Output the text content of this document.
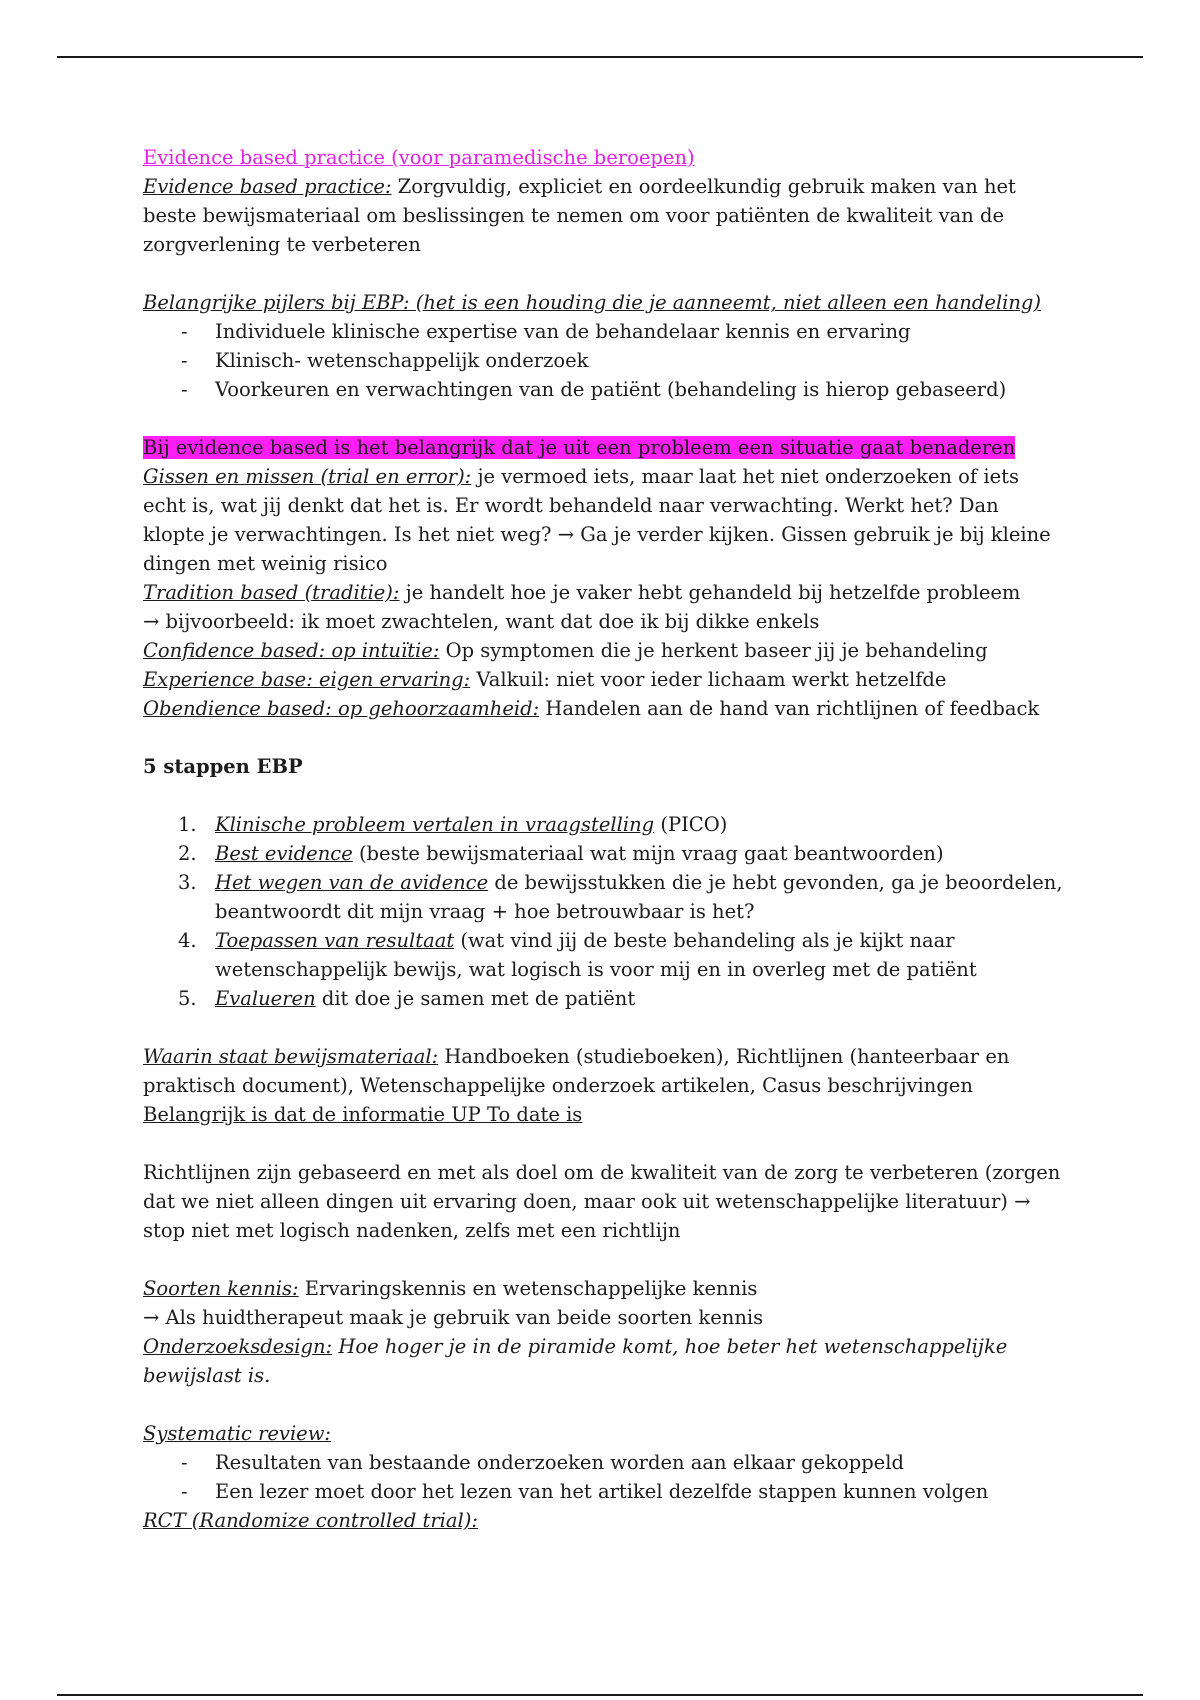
Evidence based practice (voor paramedische beroepen)
Evidence based practice: Zorgvuldig, expliciet en oordeelkundig gebruik maken van het beste bewijsmateriaal om beslissingen te nemen om voor patiënten de kwaliteit van de zorgverlening te verbeteren
Belangrijke pijlers bij EBP: (het is een houding die je aanneemt, niet alleen een handeling)
- Individuele klinische expertise van de behandelaar kennis en ervaring
- Klinisch- wetenschappelijk onderzoek
- Voorkeuren en verwachtingen van de patiënt (behandeling is hierop gebaseerd)
Bij evidence based is het belangrijk dat je uit een probleem een situatie gaat benaderen
Gissen en missen (trial en error): je vermoed iets, maar laat het niet onderzoeken of iets echt is, wat jij denkt dat het is. Er wordt behandeld naar verwachting. Werkt het? Dan klopte je verwachtingen. Is het niet weg? → Ga je verder kijken. Gissen gebruik je bij kleine dingen met weinig risico
Tradition based (traditie): je handelt hoe je vaker hebt gehandeld bij hetzelfde probleem
→ bijvoorbeeld: ik moet zwachtelen, want dat doe ik bij dikke enkels
Confidence based: op intuïtie: Op symptomen die je herkent baseer jij je behandeling
Experience base: eigen ervaring: Valkuil: niet voor ieder lichaam werkt hetzelfde
Obendience based: op gehoorzaamheid: Handelen aan de hand van richtlijnen of feedback
5 stappen EBP
1. Klinische probleem vertalen in vraagstelling (PICO)
2. Best evidence (beste bewijsmateriaal wat mijn vraag gaat beantwoorden)
3. Het wegen van de avidence de bewijsstukken die je hebt gevonden, ga je beoordelen, beantwoordt dit mijn vraag + hoe betrouwbaar is het?
4. Toepassen van resultaat (wat vind jij de beste behandeling als je kijkt naar wetenschappelijk bewijs, wat logisch is voor mij en in overleg met de patiënt
5. Evalueren dit doe je samen met de patiënt
Waarin staat bewijsmateriaal: Handboeken (studieboeken), Richtlijnen (hanteerbaar en praktisch document), Wetenschappelijke onderzoek artikelen, Casus beschrijvingen
Belangrijk is dat de informatie UP To date is
Richtlijnen zijn gebaseerd en met als doel om de kwaliteit van de zorg te verbeteren (zorgen dat we niet alleen dingen uit ervaring doen, maar ook uit wetenschappelijke literatuur) → stop niet met logisch nadenken, zelfs met een richtlijn
Soorten kennis: Ervaringskennis en wetenschappelijke kennis
→ Als huidtherapeut maak je gebruik van beide soorten kennis
Onderzoeksdesign: Hoe hoger je in de piramide komt, hoe beter het wetenschappelijke bewijslast is.
Systematic review:
- Resultaten van bestaande onderzoeken worden aan elkaar gekoppeld
- Een lezer moet door het lezen van het artikel dezelfde stappen kunnen volgen
RCT (Randomize controlled trial):
